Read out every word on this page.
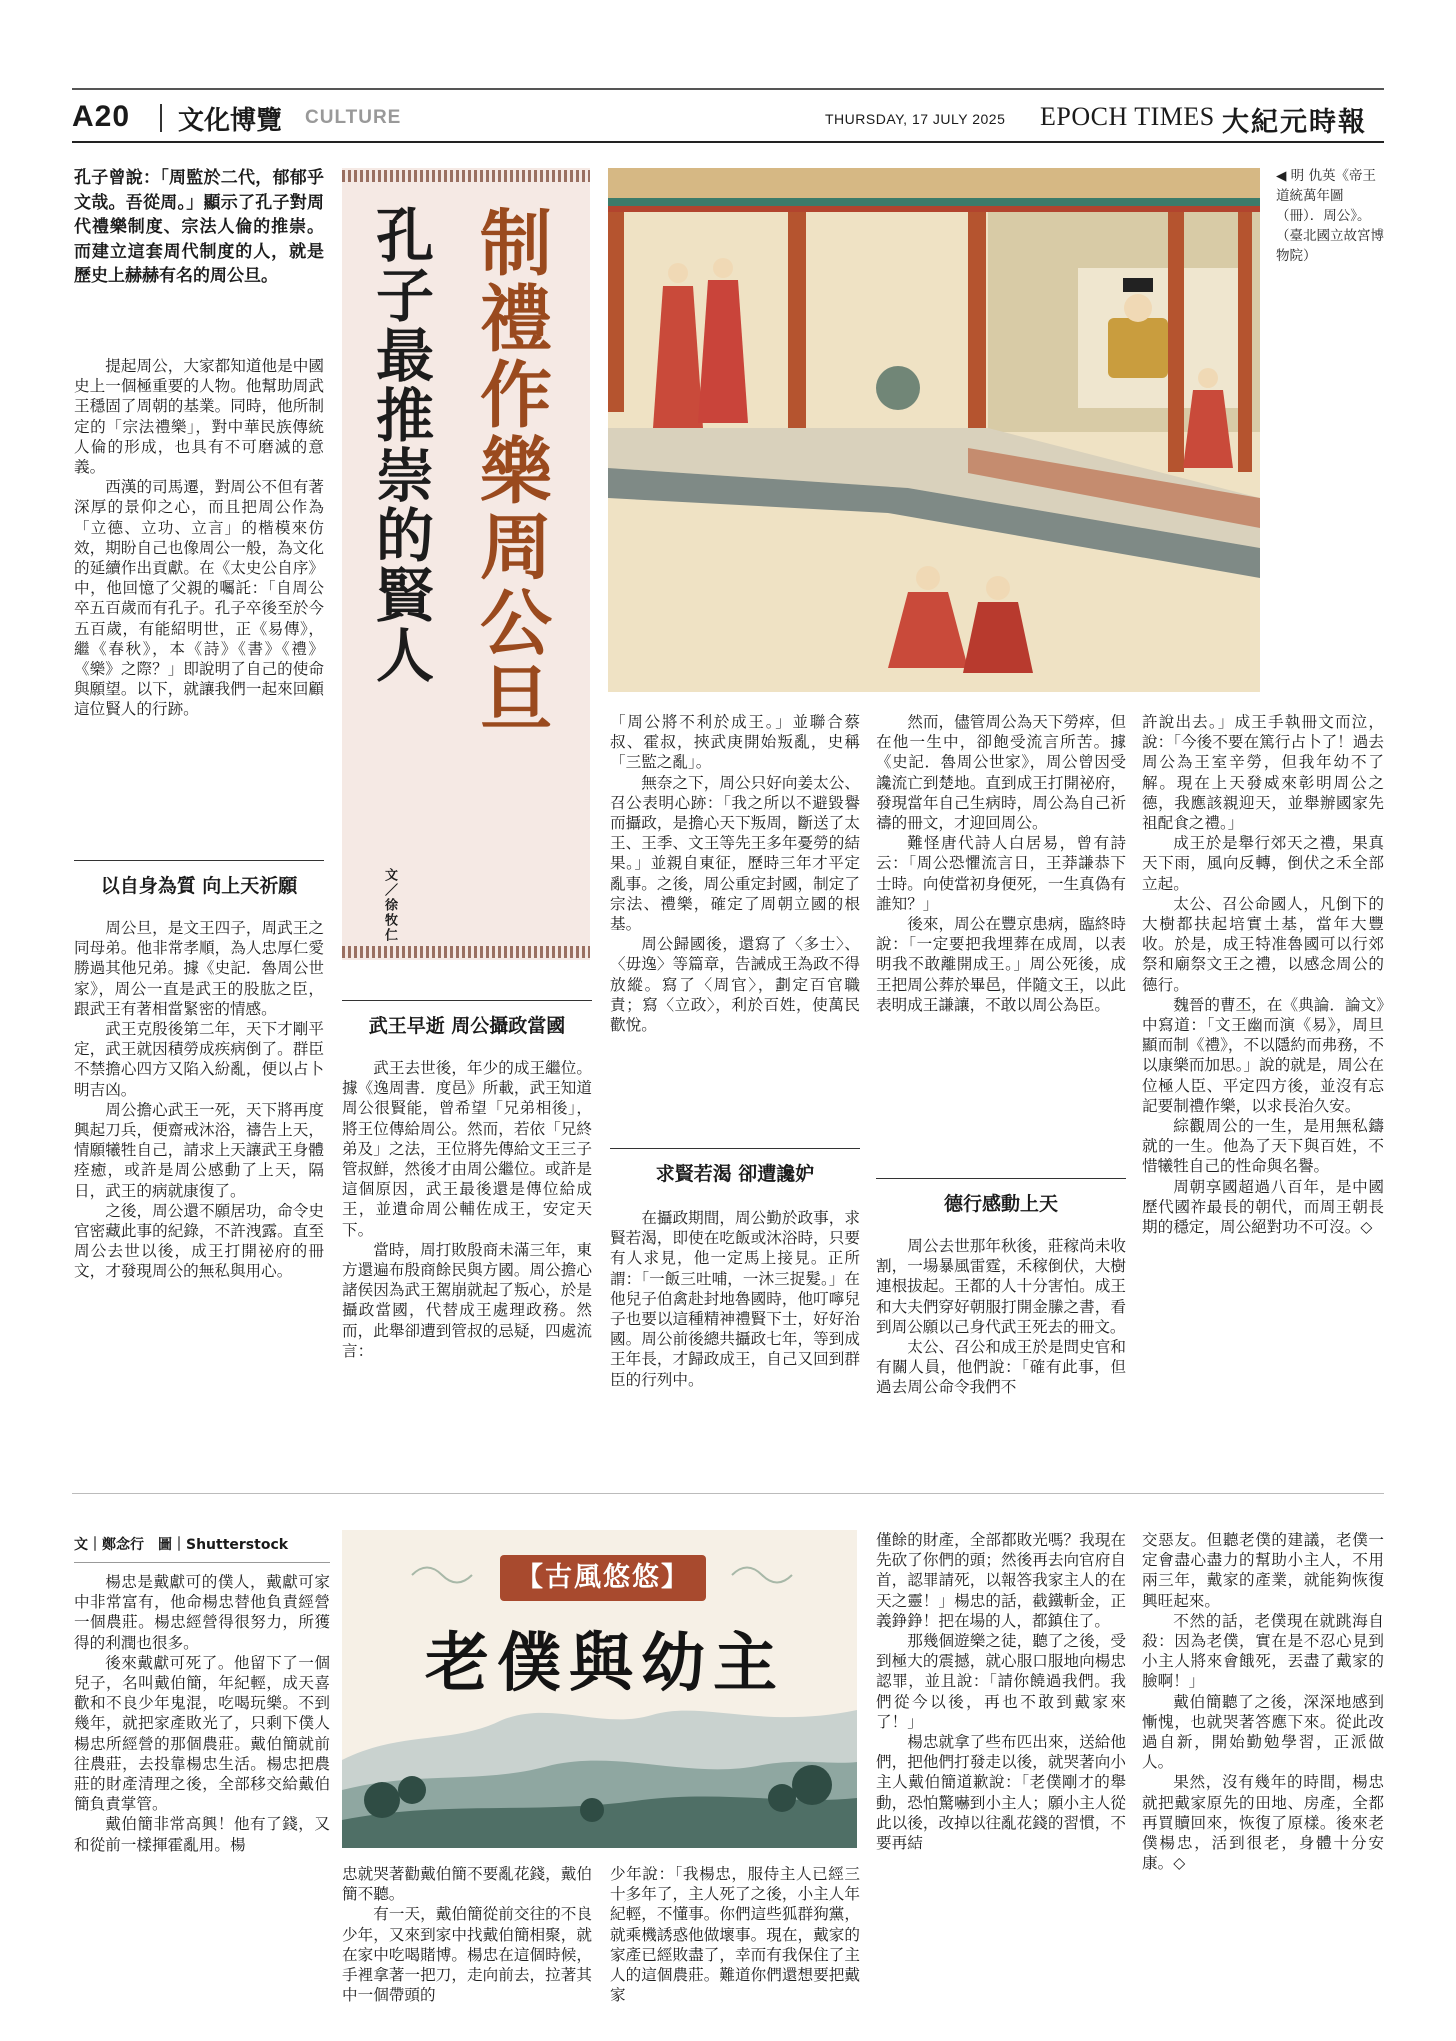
A20 文化博覽 CULTURE	THURSDAY, 17 JULY 2025 EPOCH TIMES 大紀元時報
孔子曾說：「周監於二代，郁郁乎文哉。吾從周。」顯示了孔子對周代禮樂制度、宗法人倫的推崇。而建立這套周代制度的人，就是歷史上赫赫有名的周公旦。

提起周公，大家都知道他是中國史上一個極重要的人物。他幫助周武王穩固了周朝的基業。同時，他所制定的「宗法禮樂」，對中華民族傳統人倫的形成，也具有不可磨滅的意義。

西漢的司馬遷，對周公不但有著深厚的景仰之心，而且把周公作為「立德、立功、立言」的楷模來仿效，期盼自己也像周公一般，為文化的延續作出貢獻。在《太史公自序》中，他回憶了父親的囑託：「自周公卒五百歲而有孔子。孔子卒後至於今五百歲，有能紹明世，正《易傳》，繼《春秋》，本《詩》《書》《禮》《樂》之際？」即說明了自己的使命與願望。以下，就讓我們一起來回顧這位賢人的行跡。

以自身為質 向上天祈願

周公旦，是文王四子，周武王之同母弟。他非常孝順，為人忠厚仁愛勝過其他兄弟。據《史記．魯周公世家》，周公一直是武王的股肱之臣，跟武王有著相當緊密的情感。

武王克殷後第二年，天下才剛平定，武王就因積勞成疾病倒了。群臣不禁擔心四方又陷入紛亂，便以占卜明吉凶。

周公擔心武王一死，天下將再度興起刀兵，便齋戒沐浴，禱告上天，情願犧牲自己，請求上天讓武王身體痊癒，或許是周公感動了上天，隔日，武王的病就康復了。

之後，周公還不願居功，命令史官密藏此事的紀錄，不許洩露。直至周公去世以後，成王打開祕府的冊文，才發現周公的無私與用心。

制禮作樂周公旦
孔子最推崇的賢人
文／徐牧仁
◀ 明 仇英《帝王道統萬年圖（冊）．周公》。（臺北國立故宮博物院）
武王早逝 周公攝政當國

武王去世後，年少的成王繼位。據《逸周書．度邑》所載，武王知道周公很賢能，曾希望「兄弟相後」，將王位傳給周公。然而，若依「兄終弟及」之法，王位將先傳給文王三子管叔鮮，然後才由周公繼位。或許是這個原因，武王最後還是傳位給成王，並遺命周公輔佐成王，安定天下。

當時，周打敗殷商未滿三年，東方還遍布殷商餘民與方國。周公擔心諸侯因為武王駕崩就起了叛心，於是攝政當國，代替成王處理政務。然而，此舉卻遭到管叔的忌疑，四處流言：

「周公將不利於成王。」並聯合蔡叔、霍叔，挾武庚開始叛亂，史稱「三監之亂」。

無奈之下，周公只好向姜太公、召公表明心跡：「我之所以不避毀譽而攝政，是擔心天下叛周，斷送了太王、王季、文王等先王多年憂勞的結果。」並親自東征，歷時三年才平定亂事。之後，周公重定封國，制定了宗法、禮樂，確定了周朝立國的根基。

周公歸國後，還寫了〈多士〉、〈毋逸〉等篇章，告誡成王為政不得放縱。寫了〈周官〉，劃定百官職責；寫〈立政〉，利於百姓，使萬民歡悅。

求賢若渴 卻遭讒妒

在攝政期間，周公勤於政事，求賢若渴，即使在吃飯或沐浴時，只要有人求見，他一定馬上接見。正所謂：「一飯三吐哺，一沐三捉髮。」在他兒子伯禽赴封地魯國時，他叮嚀兒子也要以這種精神禮賢下士，好好治國。周公前後總共攝政七年，等到成王年長，才歸政成王，自己又回到群臣的行列中。

然而，儘管周公為天下勞瘁，但在他一生中，卻飽受流言所苦。據《史記．魯周公世家》，周公曾因受讒流亡到楚地。直到成王打開祕府，發現當年自己生病時，周公為自己祈禱的冊文，才迎回周公。

難怪唐代詩人白居易，曾有詩云：「周公恐懼流言日，王莽謙恭下士時。向使當初身便死，一生真偽有誰知？」

後來，周公在豐京患病，臨終時說：「一定要把我埋葬在成周，以表明我不敢離開成王。」周公死後，成王把周公葬於畢邑，伴隨文王，以此表明成王謙讓，不敢以周公為臣。

德行感動上天

周公去世那年秋後，莊稼尚未收割，一場暴風雷霆，禾稼倒伏，大樹連根拔起。王都的人十分害怕。成王和大夫們穿好朝服打開金縢之書，看到周公願以己身代武王死去的冊文。

太公、召公和成王於是問史官和有關人員，他們說：「確有此事，但過去周公命令我們不

許說出去。」成王手執冊文而泣，說：「今後不要在篤行占卜了！過去周公為王室辛勞，但我年幼不了解。現在上天發威來彰明周公之德，我應該親迎天，並舉辦國家先祖配食之禮。」

成王於是舉行郊天之禮，果真天下雨，風向反轉，倒伏之禾全部立起。

太公、召公命國人，凡倒下的大樹都扶起培實土基，當年大豐收。於是，成王特准魯國可以行郊祭和廟祭文王之禮，以感念周公的德行。

魏晉的曹丕，在《典論．論文》中寫道：「文王幽而演《易》，周旦顯而制《禮》，不以隱約而弗務，不以康樂而加思。」說的就是，周公在位極人臣、平定四方後，並沒有忘記要制禮作樂，以求長治久安。

綜觀周公的一生，是用無私鑄就的一生。他為了天下與百姓，不惜犧牲自己的性命與名譽。

周朝享國超過八百年，是中國歷代國祚最長的朝代，而周王朝長期的穩定，周公絕對功不可沒。◇

文｜鄭念行　圖｜Shutterstock

楊忠是戴獻可的僕人，戴獻可家中非常富有，他命楊忠替他負責經營一個農莊。楊忠經營得很努力，所獲得的利潤也很多。

後來戴獻可死了。他留下了一個兒子，名叫戴伯簡，年紀輕，成天喜歡和不良少年鬼混，吃喝玩樂。不到幾年，就把家產敗光了，只剩下僕人楊忠所經營的那個農莊。戴伯簡就前往農莊，去投靠楊忠生活。楊忠把農莊的財產清理之後，全部移交給戴伯簡負責掌管。

戴伯簡非常高興！他有了錢，又和從前一樣揮霍亂用。楊

【古風悠悠】
老僕與幼主

忠就哭著勸戴伯簡不要亂花錢，戴伯簡不聽。

有一天，戴伯簡從前交往的不良少年，又來到家中找戴伯簡相聚，就在家中吃喝賭博。楊忠在這個時候，手裡拿著一把刀，走向前去，拉著其中一個帶頭的

少年說：「我楊忠，服侍主人已經三十多年了，主人死了之後，小主人年紀輕，不懂事。你們這些狐群狗黨，就乘機誘惑他做壞事。現在，戴家的家產已經敗盡了，幸而有我保住了主人的這個農莊。難道你們還想要把戴家

僅餘的財產，全部都敗光嗎？我現在先砍了你們的頭；然後再去向官府自首，認罪請死，以報答我家主人的在天之靈！」楊忠的話，截鐵斬金，正義錚錚！把在場的人，都鎮住了。

那幾個遊樂之徒，聽了之後，受到極大的震撼，就心服口服地向楊忠認罪，並且說：「請你饒過我們。我們從今以後，再也不敢到戴家來了！」

楊忠就拿了些布匹出來，送給他們，把他們打發走以後，就哭著向小主人戴伯簡道歉說：「老僕剛才的舉動，恐怕驚嚇到小主人；願小主人從此以後，改掉以往亂花錢的習慣，不要再結

交惡友。但聽老僕的建議，老僕一定會盡心盡力的幫助小主人，不用兩三年，戴家的產業，就能夠恢復興旺起來。

不然的話，老僕現在就跳海自殺：因為老僕，實在是不忍心見到小主人將來會餓死，丟盡了戴家的臉啊！」

戴伯簡聽了之後，深深地感到慚愧，也就哭著答應下來。從此改過自新，開始勤勉學習，正派做人。

果然，沒有幾年的時間，楊忠就把戴家原先的田地、房產，全都再買贖回來，恢復了原樣。後來老僕楊忠，活到很老，身體十分安康。◇
